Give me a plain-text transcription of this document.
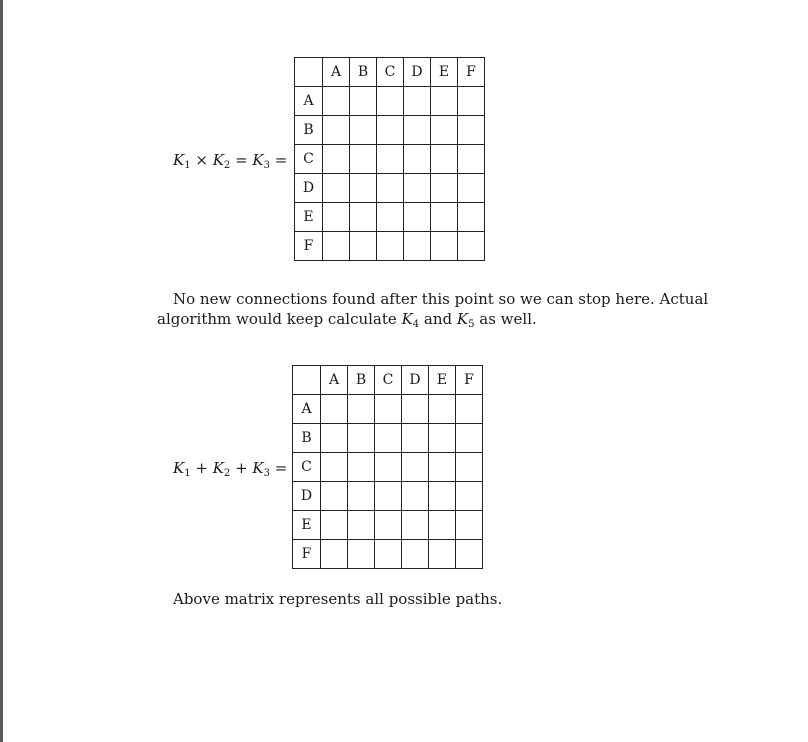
$K_1 \times K_2 = K_3$ =
	A	B	C	D	E	F
A						
B						
C						
D						
E						
F						
No new connections found after this point so we can stop here. Actual
algorithm would keep calculate $K_4$ and $K_5$ as well.
$K_1 + K_2 + K_3$ =
	A	B	C	D	E	F
A						
B						
C						
D						
E						
F						
Above matrix represents all possible paths.
